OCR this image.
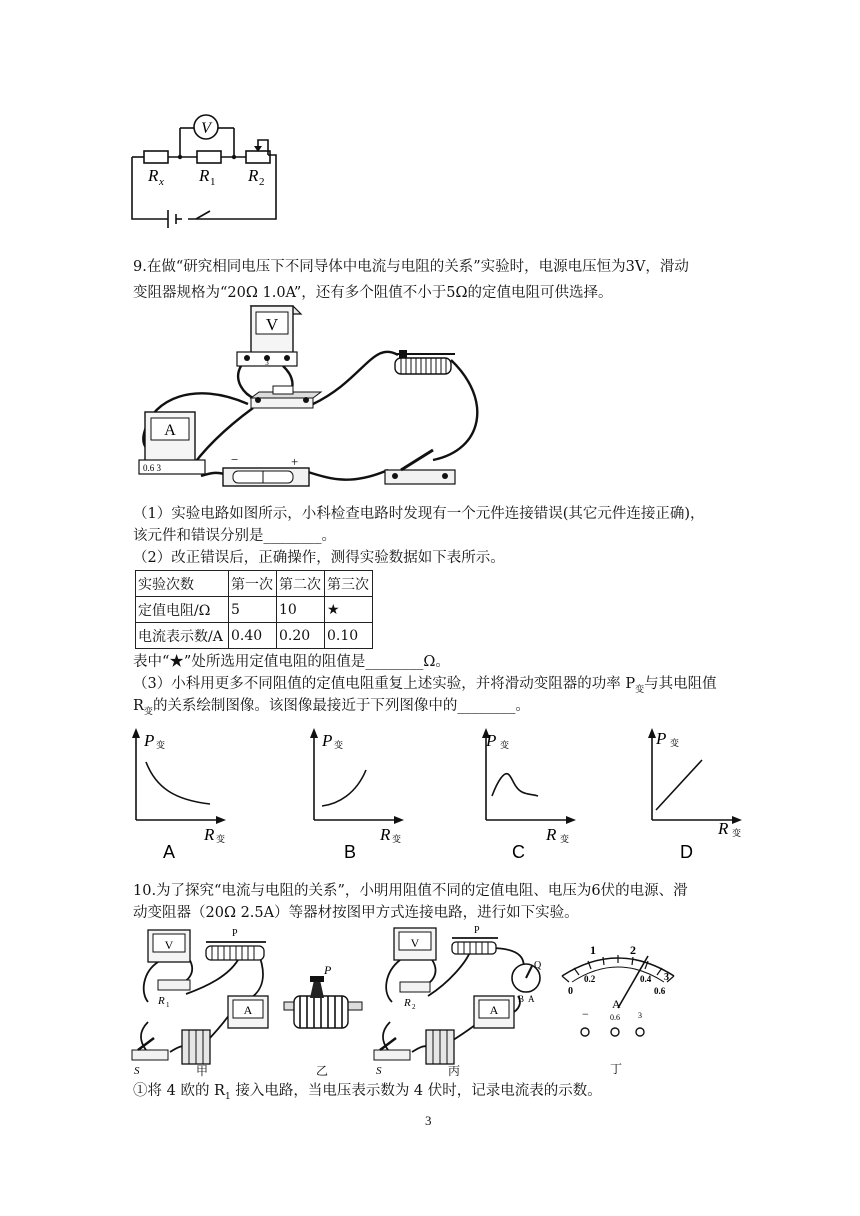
V
R x R 1 R 2
9.在做“研究相同电压下不同导体中电流与电阻的关系”实验时，电源电压恒为3V，滑动
变阻器规格为“20Ω 1.0A”，还有多个阻值不小于5Ω的定值电阻可供选择。
V
3
A
0.6 3
−	+
（1）实验电路如图所示，小科检查电路时发现有一个元件连接错误(其它元件连接正确)，
该元件和错误分别是________。
（2）改正错误后，正确操作，测得实验数据如下表所示。
实验次数	第一次	第二次	第三次
定值电阻/Ω	5	10	★
电流表示数/A	0.40	0.20	0.10
表中“★”处所选用定值电阻的阻值是________Ω。
（3）小科用更多不同阻值的定值电阻重复上述实验，并将滑动变阻器的功率 $P_变$与其电阻值
$R_变$的关系绘制图像。该图像最接近于下列图像中的________。
P 变
R 变
A
P 变
R 变
B
P 变
R 变
C
P 变
R 变
D
10.为了探究“电流与电阻的关系”，小明用阻值不同的定值电阻、电压为6伏的电源、滑
动变阻器（20Ω 2.5A）等器材按图甲方式连接电路，进行如下实验。
V
P
R 1	A
S	甲
P
乙
V
P
Q
B A
R 2	A
S	丙
1	2
0
0.2	0.4
0.6
3
A
0.6 3
−
丁
①将 4 欧的 $R_1$ 接入电路，当电压表示数为 4 伏时，记录电流表的示数。
3
